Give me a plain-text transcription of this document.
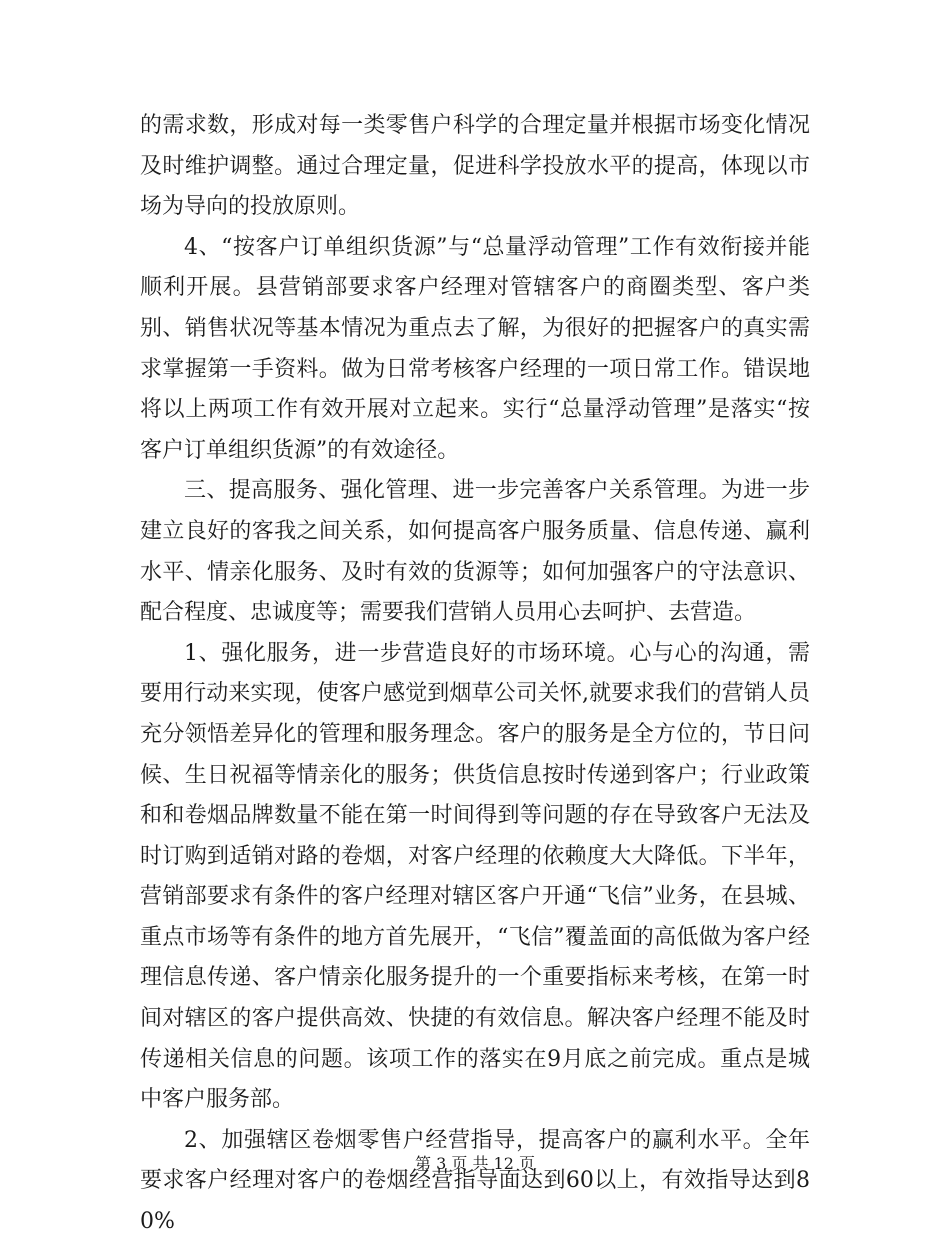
的需求数，形成对每一类零售户科学的合理定量并根据市场变化情况及时维护调整。通过合理定量，促进科学投放水平的提高，体现以市场为导向的投放原则。

4、“按客户订单组织货源”与“总量浮动管理”工作有效衔接并能顺利开展。县营销部要求客户经理对管辖客户的商圈类型、客户类别、销售状况等基本情况为重点去了解，为很好的把握客户的真实需求掌握第一手资料。做为日常考核客户经理的一项日常工作。错误地将以上两项工作有效开展对立起来。实行“总量浮动管理”是落实“按客户订单组织货源”的有效途径。

三、提高服务、强化管理、进一步完善客户关系管理。为进一步建立良好的客我之间关系，如何提高客户服务质量、信息传递、赢利水平、情亲化服务、及时有效的货源等；如何加强客户的守法意识、配合程度、忠诚度等；需要我们营销人员用心去呵护、去营造。

1、强化服务，进一步营造良好的市场环境。心与心的沟通，需要用行动来实现，使客户感觉到烟草公司关怀,就要求我们的营销人员充分领悟差异化的管理和服务理念。客户的服务是全方位的，节日问候、生日祝福等情亲化的服务；供货信息按时传递到客户；行业政策和和卷烟品牌数量不能在第一时间得到等问题的存在导致客户无法及时订购到适销对路的卷烟，对客户经理的依赖度大大降低。下半年，营销部要求有条件的客户经理对辖区客户开通“飞信”业务，在县城、重点市场等有条件的地方首先展开，“飞信”覆盖面的高低做为客户经理信息传递、客户情亲化服务提升的一个重要指标来考核，在第一时间对辖区的客户提供高效、快捷的有效信息。解决客户经理不能及时传递相关信息的问题。该项工作的落实在9月底之前完成。重点是城中客户服务部。

2、加强辖区卷烟零售户经营指导，提高客户的赢利水平。全年要求客户经理对客户的卷烟经营指导面达到60以上，有效指导达到80%

第 3 页 共 12 页
